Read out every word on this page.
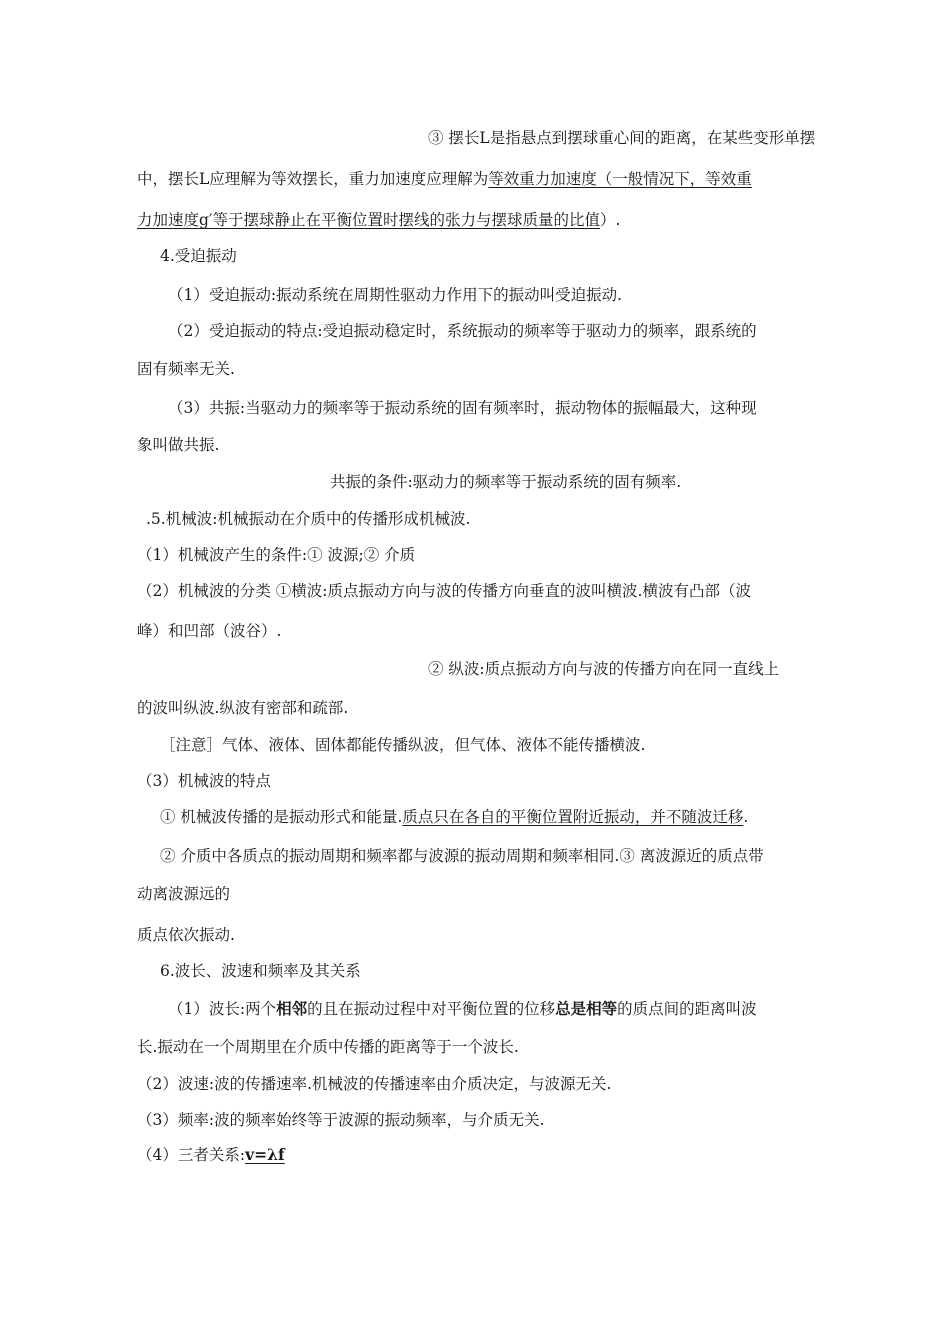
③ 摆长L是指悬点到摆球重心间的距离，在某些变形单摆
中，摆长L应理解为等效摆长，重力加速度应理解为等效重力加速度（一般情况下，等效重
力加速度g′等于摆球静止在平衡位置时摆线的张力与摆球质量的比值）.
4.受迫振动
（1）受迫振动:振动系统在周期性驱动力作用下的振动叫受迫振动.
（2）受迫振动的特点:受迫振动稳定时，系统振动的频率等于驱动力的频率，跟系统的
固有频率无关.
（3）共振:当驱动力的频率等于振动系统的固有频率时，振动物体的振幅最大，这种现
象叫做共振.
共振的条件:驱动力的频率等于振动系统的固有频率.
.5.机械波:机械振动在介质中的传播形成机械波.
（1）机械波产生的条件:① 波源;② 介质
（2）机械波的分类 ①横波:质点振动方向与波的传播方向垂直的波叫横波.横波有凸部（波
峰）和凹部（波谷）.
② 纵波:质点振动方向与波的传播方向在同一直线上
的波叫纵波.纵波有密部和疏部.
［注意］气体、液体、固体都能传播纵波，但气体、液体不能传播横波.
（3）机械波的特点
① 机械波传播的是振动形式和能量.质点只在各自的平衡位置附近振动，并不随波迁移.
② 介质中各质点的振动周期和频率都与波源的振动周期和频率相同.③ 离波源近的质点带
动离波源远的
质点依次振动.
6.波长、波速和频率及其关系
（1）波长:两个相邻的且在振动过程中对平衡位置的位移总是相等的质点间的距离叫波
长.振动在一个周期里在介质中传播的距离等于一个波长.
（2）波速:波的传播速率.机械波的传播速率由介质决定，与波源无关.
（3）频率:波的频率始终等于波源的振动频率，与介质无关.
（4）三者关系:v=λf
